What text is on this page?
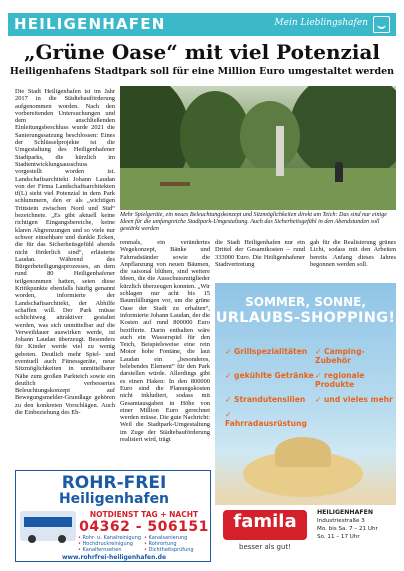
HEILIGENHAFEN	Mein Lieblingshafen
„Grüne Oase“ mit viel Potenzial
Heiligenhafens Stadtpark soll für eine Million Euro umgestaltet werden

Die Stadt Heiligenhafen ist im Jahr 2017 in die Städtebauförderung aufgenommen worden. Nach den vorbereitenden Untersuchungen und dem anschließenden Einleitungsbeschluss wurde 2021 die Sanierungssatzung beschlossen: Eines der Schlüsselprojekte ist die Umgestaltung des Heiligenhafener Stadtparks, die kürzlich im Stadtentwicklungsausschuss vorgestellt worden ist. Landschaftsarchitekt Johann Laudan von der Firma Landschaftsarchitekten tf(L) sieht viel Potenzial in dem Park schlummern, den er als „wichtigen Trittstein zwischen Nord und Süd“ bezeichnete. „Es gibt aktuell keine richtigen Eingangsbereiche, keine klaren Abgrenzungen und so viele nur schwer einsehbare und dunkle Ecken, die für das Sicherheitsgefühl abends nicht förderlich sind“, erläuterte Laudan. Während des Bürgerbeteiligungsprozesses, an dem rund 80 Heiligenhafener teilgenommen hatten, seien diese Kritikpunkte ebenfalls häufig genannt worden, informierte der Landschaftsarchitekt, der Abhilfe schaffen will. Der Park müsse schlichtweg attraktiver gestaltet werden, was sich unmittelbar auf die Verweildauer auswirken werde, ist Johann Laudan überzeugt. Besonders für Kinder werde viel zu wenig geboten. Deutlich mehr Spiel- und eventuell auch Fitnessgeräte, neue Sitzmöglichkeiten in unmittelbarer Nähe zum großen Parkteich sowie ein deutlich verbessertes Beleuchtungskonzept auf Bewegungsmelder-Grundlage gehören zu den konkreten Vorschlägen. Auch die Einbeziehung des Eh-

Mehr Spielgeräte, ein neues Beleuchtungskonzept und Sitzmöglichkeiten direkt am Teich: Das sind nur einige Ideen für die umfangreiche Stadtpark-Umgestaltung. Auch das Sicherheitsgefühl in den Abendstunden soll gestärkt werden

renmals, ein verändertes Wegekonzept, Bänke und Fahrradständer sowie die Anpflanzung von neuen Bäumen, die saisonal blühen, sind weitere Ideen, die die Ausschussmitglieder kürzlich überzeugen konnten. „Wir schlagen nur acht bis 15 Baumfällungen vor, um die grüne Oase der Stadt zu erhalten“, informierte Johann Laudan, der die Kosten auf rund 800000 Euro bezifferte. Darin enthalten wäre auch ein Wasserspiel für den Teich, Beispielsweise eine rein Motor hohe Fontäne, die laut Laudan ein „besonderes, belebendes Element“ für den Park darstellen würde. Allerdings gibt es einen Haken: In den 800000 Euro sind die Planungskosten nicht inkludiert, sodass mit Gesamtausgaben in Höhe von einer Million Euro gerechnet werden müsse. Die gute Nachricht: Weil die Stadtpark-Umgestaltung im Zuge der Städtebauförderung realisiert wird, trägt

die Stadt Heiligenhafen nur ein Drittel der Gesamtkosten – rund 333000 Euro. Die Heiligenhafener Stadtvertretung

gab für die Realisierung grünes Licht, sodass mit den Arbeiten bereits Anfang dieses Jahres begonnen werden soll.

ROHR-FREI
Heiligenhafen
NOTDIENST TAG + NACHT
04362 - 506151
• Rohr- u. Kanalreinigung	• Kanalsanierung
• Hochdruckreinigung	• Rohrortung
• Kanalfernsehen	• Dichtheitsprüfung
www.rohrfrei-heiligenhafen.de
SOMMER, SONNE,
URLAUBS-SHOPPING!
✓ Grillspezialitäten	✓ Camping-Zubehör
✓ gekühlte Getränke	✓ regionale Produkte
✓ Strandutensilien	✓ und vieles mehr
✓ Fahrradausrüstung
famila
besser als gut!
HEILIGENHAFEN
Industriestraße 3
Mo. bis Sa. 7 – 21 Uhr
So. 11 – 17 Uhr
